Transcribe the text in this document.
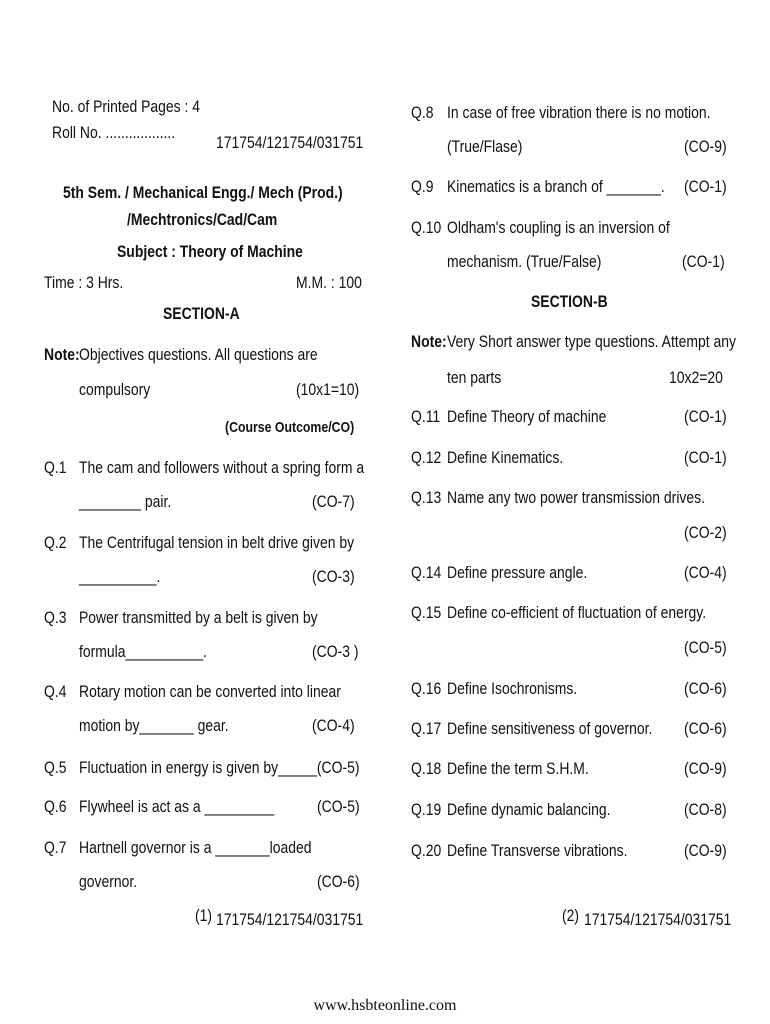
No. of Printed Pages : 4
Roll No. ..................
171754/121754/031751
5th Sem. / Mechanical Engg./ Mech (Prod.)
/Mechtronics/Cad/Cam
Subject : Theory of Machine
Time : 3 Hrs.	M.M. : 100
SECTION-A
Note: Objectives questions. All questions are
compulsory	(10x1=10)
(Course Outcome/CO)
Q.1 The cam and followers without a spring form a
________ pair.	(CO-7)
Q.2 The Centrifugal tension in belt drive given by
__________.	(CO-3)
Q.3 Power transmitted by a belt is given by
formula__________.	(CO-3 )
Q.4 Rotary motion can be converted into linear
motion by_______ gear.	(CO-4)
Q.5 Fluctuation in energy is given by_____(CO-5)
Q.6 Flywheel is act as a _________	(CO-5)
Q.7 Hartnell governor is a _______loaded
governor.	(CO-6)
(1) 171754/121754/031751
Q.8 In case of free vibration there is no motion.
(True/Flase)	(CO-9)
Q.9 Kinematics is a branch of _______. (CO-1)
Q.10 Oldham's coupling is an inversion of
mechanism. (True/False)	(CO-1)
SECTION-B
Note: Very Short answer type questions. Attempt any
ten parts	10x2=20
Q.11 Define Theory of machine	(CO-1)
Q.12 Define Kinematics.	(CO-1)
Q.13 Name any two power transmission drives.
(CO-2)
Q.14 Define pressure angle.	(CO-4)
Q.15 Define co-efficient of fluctuation of energy.
(CO-5)
Q.16 Define Isochronisms.	(CO-6)
Q.17 Define sensitiveness of governor. (CO-6)
Q.18 Define the term S.H.M.	(CO-9)
Q.19 Define dynamic balancing.	(CO-8)
Q.20 Define Transverse vibrations.	(CO-9)
(2) 171754/121754/031751
www.hsbteonline.com
